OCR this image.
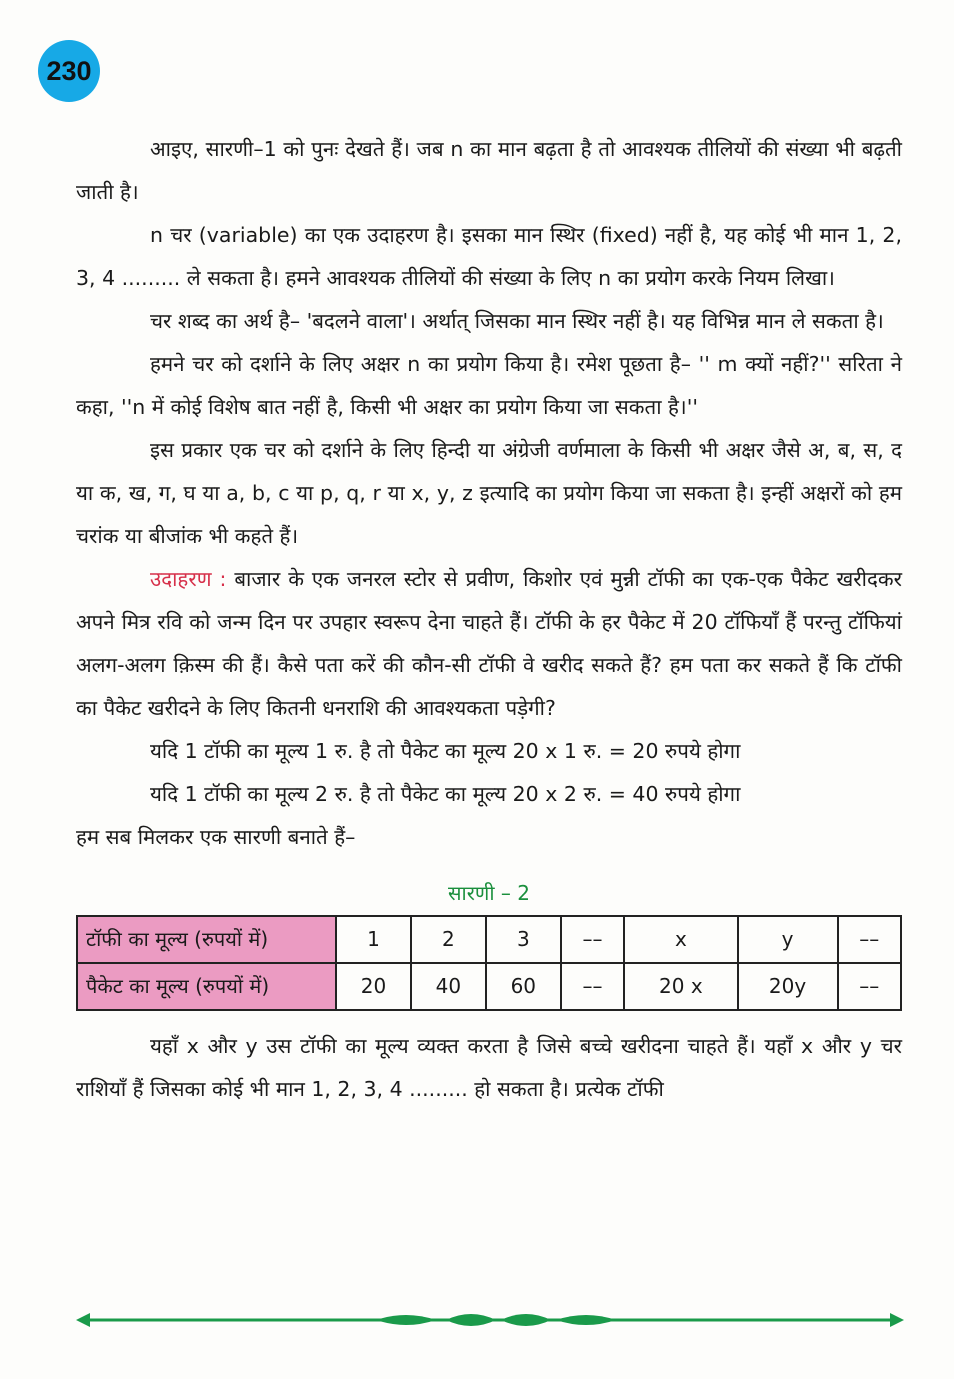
230

आइए, सारणी–1 को पुनः देखते हैं। जब n का मान बढ़ता है तो आवश्यक तीलियों की संख्या भी बढ़ती जाती है।

n चर (variable) का एक उदाहरण है। इसका मान स्थिर (fixed) नहीं है, यह कोई भी मान 1, 2, 3, 4 ......... ले सकता है। हमने आवश्यक तीलियों की संख्या के लिए n का प्रयोग करके नियम लिखा।

चर शब्द का अर्थ है– 'बदलने वाला'। अर्थात् जिसका मान स्थिर नहीं है। यह विभिन्न मान ले सकता है।

हमने चर को दर्शाने के लिए अक्षर n का प्रयोग किया है। रमेश पूछता है– '' m क्यों नहीं?'' सरिता ने कहा, ''n में कोई विशेष बात नहीं है, किसी भी अक्षर का प्रयोग किया जा सकता है।''

इस प्रकार एक चर को दर्शाने के लिए हिन्दी या अंग्रेजी वर्णमाला के किसी भी अक्षर जैसे अ, ब, स, द या क, ख, ग, घ या a, b, c या p, q, r या x, y, z इत्यादि का प्रयोग किया जा सकता है। इन्हीं अक्षरों को हम चरांक या बीजांक भी कहते हैं।

उदाहरण : बाजार के एक जनरल स्टोर से प्रवीण, किशोर एवं मुन्नी टॉफी का एक-एक पैकेट खरीदकर अपने मित्र रवि को जन्म दिन पर उपहार स्वरूप देना चाहते हैं। टॉफी के हर पैकेट में 20 टॉफियाँ हैं परन्तु टॉफियां अलग-अलग क़िस्म की हैं। कैसे पता करें की कौन-सी टॉफी वे खरीद सकते हैं? हम पता कर सकते हैं कि टॉफी का पैकेट खरीदने के लिए कितनी धनराशि की आवश्यकता पड़ेगी?

यदि 1 टॉफी का मूल्य 1 रु. है तो पैकेट का मूल्य 20 x 1 रु. = 20 रुपये होगा

यदि 1 टॉफी का मूल्य 2 रु. है तो पैकेट का मूल्य 20 x 2 रु. = 40 रुपये होगा

हम सब मिलकर एक सारणी बनाते हैं–

सारणी – 2
टॉफी का मूल्य (रुपयों में)	1	2	3	––	x	y	––
पैकेट का मूल्य (रुपयों में)	20	40	60	––	20 x	20y	––

यहाँ x और y उस टॉफी का मूल्य व्यक्त करता है जिसे बच्चे खरीदना चाहते हैं। यहाँ x और y चर राशियाँ हैं जिसका कोई भी मान 1, 2, 3, 4 ......... हो सकता है। प्रत्येक टॉफी
